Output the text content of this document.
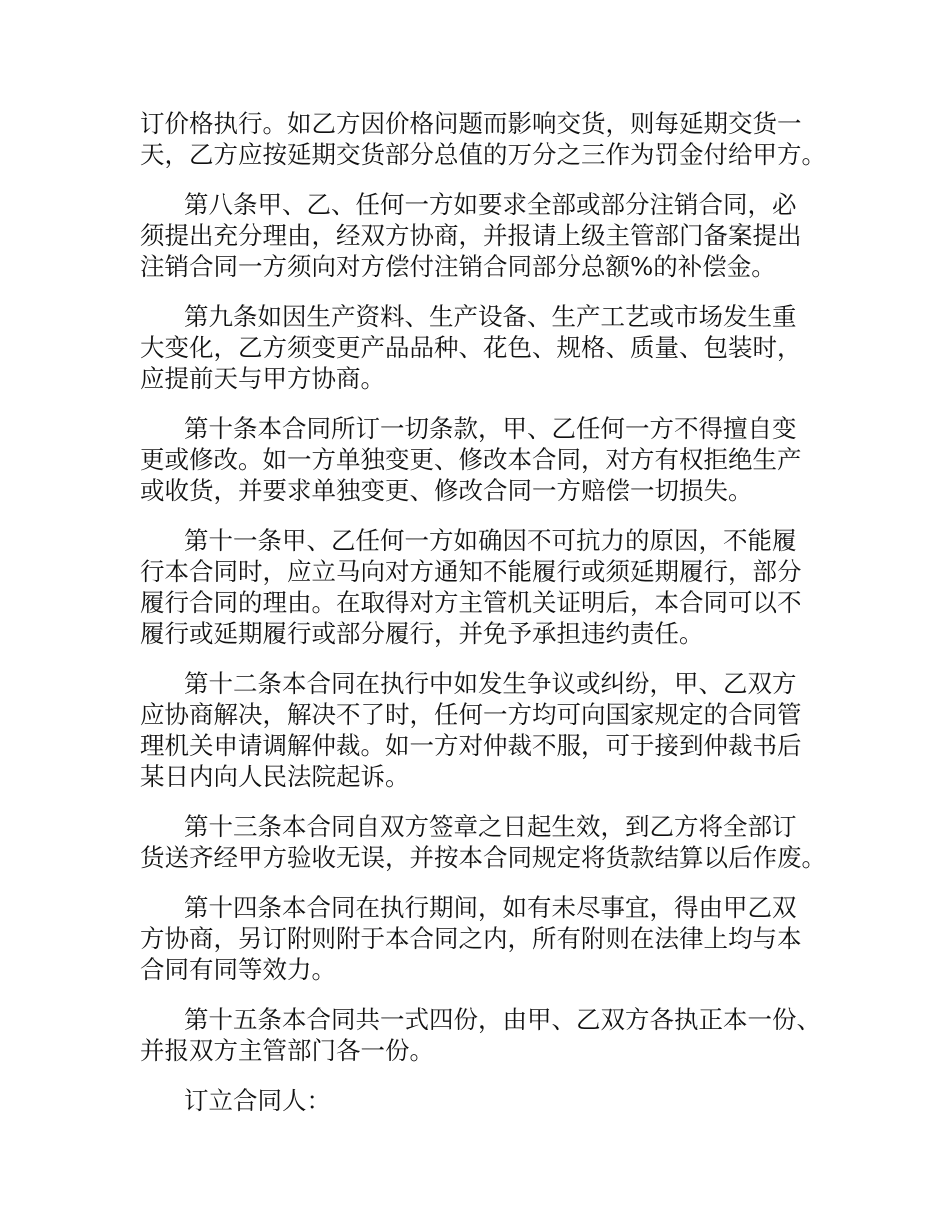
订价格执行。如乙方因价格问题而影响交货，则每延期交货一
天，乙方应按延期交货部分总值的万分之三作为罚金付给甲方。
第八条甲、乙、任何一方如要求全部或部分注销合同，必
须提出充分理由，经双方协商，并报请上级主管部门备案提出
注销合同一方须向对方偿付注销合同部分总额%的补偿金。
第九条如因生产资料、生产设备、生产工艺或市场发生重
大变化，乙方须变更产品品种、花色、规格、质量、包装时，
应提前天与甲方协商。
第十条本合同所订一切条款，甲、乙任何一方不得擅自变
更或修改。如一方单独变更、修改本合同，对方有权拒绝生产
或收货，并要求单独变更、修改合同一方赔偿一切损失。
第十一条甲、乙任何一方如确因不可抗力的原因，不能履
行本合同时，应立马向对方通知不能履行或须延期履行，部分
履行合同的理由。在取得对方主管机关证明后，本合同可以不
履行或延期履行或部分履行，并免予承担违约责任。
第十二条本合同在执行中如发生争议或纠纷，甲、乙双方
应协商解决，解决不了时，任何一方均可向国家规定的合同管
理机关申请调解仲裁。如一方对仲裁不服，可于接到仲裁书后
某日内向人民法院起诉。
第十三条本合同自双方签章之日起生效，到乙方将全部订
货送齐经甲方验收无误，并按本合同规定将货款结算以后作废。
第十四条本合同在执行期间，如有未尽事宜，得由甲乙双
方协商，另订附则附于本合同之内，所有附则在法律上均与本
合同有同等效力。
第十五条本合同共一式四份，由甲、乙双方各执正本一份、
并报双方主管部门各一份。
订立合同人：
